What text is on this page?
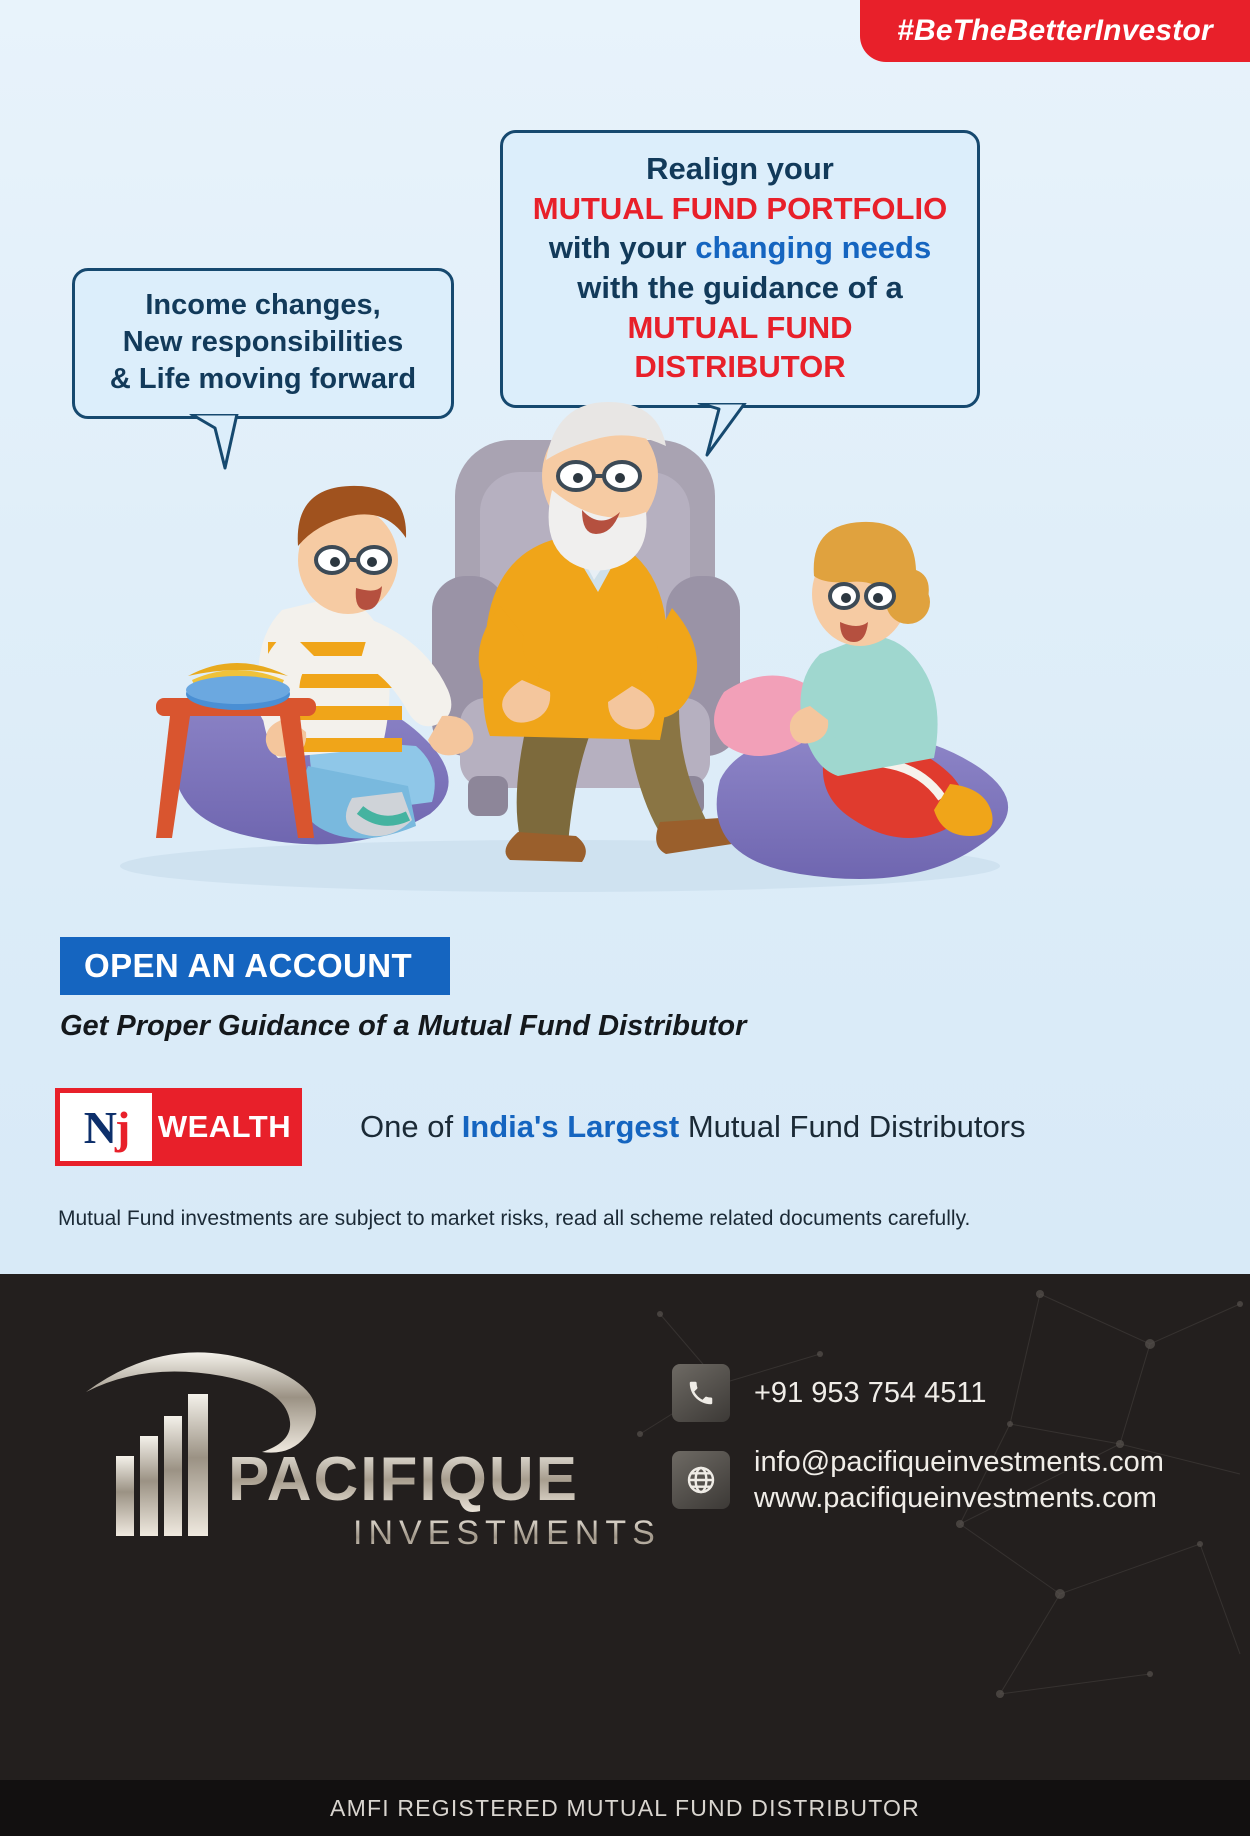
#BeTheBetterInvestor
Realign your
MUTUAL FUND PORTFOLIO
with your changing needs
with the guidance of a
MUTUAL FUND DISTRIBUTOR
Income changes,
New responsibilities
& Life moving forward
OPEN AN ACCOUNT
Get Proper Guidance of a Mutual Fund Distributor
N j WEALTH One of India's Largest Mutual Fund Distributors
Mutual Fund investments are subject to market risks, read all scheme related documents carefully.
PACIFIQUE
INVESTMENTS
+91 953 754 4511
info@pacifiqueinvestments.com
www.pacifiqueinvestments.com
AMFI REGISTERED MUTUAL FUND DISTRIBUTOR
